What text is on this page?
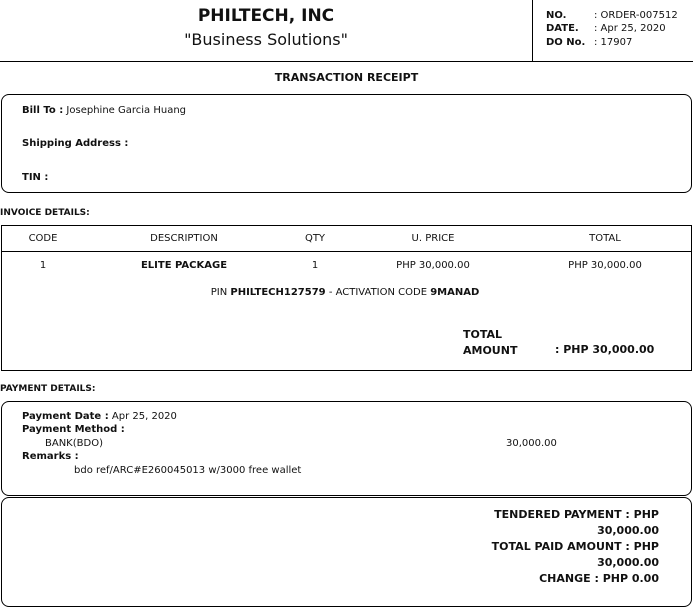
PHILTECH, INC
"Business Solutions"
NO.	: ORDER-007512
DATE. : Apr 25, 2020
DO No. : 17907
TRANSACTION RECEIPT
Bill To : Josephine Garcia Huang
Shipping Address :
TIN :
INVOICE DETAILS:
CODE	DESCRIPTION	QTY	U. PRICE	TOTAL
1	ELITE PACKAGE	1	PHP 30,000.00	PHP 30,000.00
PIN PHILTECH127579 - ACTIVATION CODE 9MANAD
TOTAL
AMOUNT	: PHP 30,000.00
PAYMENT DETAILS:
Payment Date : Apr 25, 2020
Payment Method :
BANK(BDO)	30,000.00
Remarks :
bdo ref/ARC#E260045013 w/3000 free wallet
TENDERED PAYMENT : PHP
30,000.00
TOTAL PAID AMOUNT : PHP
30,000.00
CHANGE : PHP 0.00
